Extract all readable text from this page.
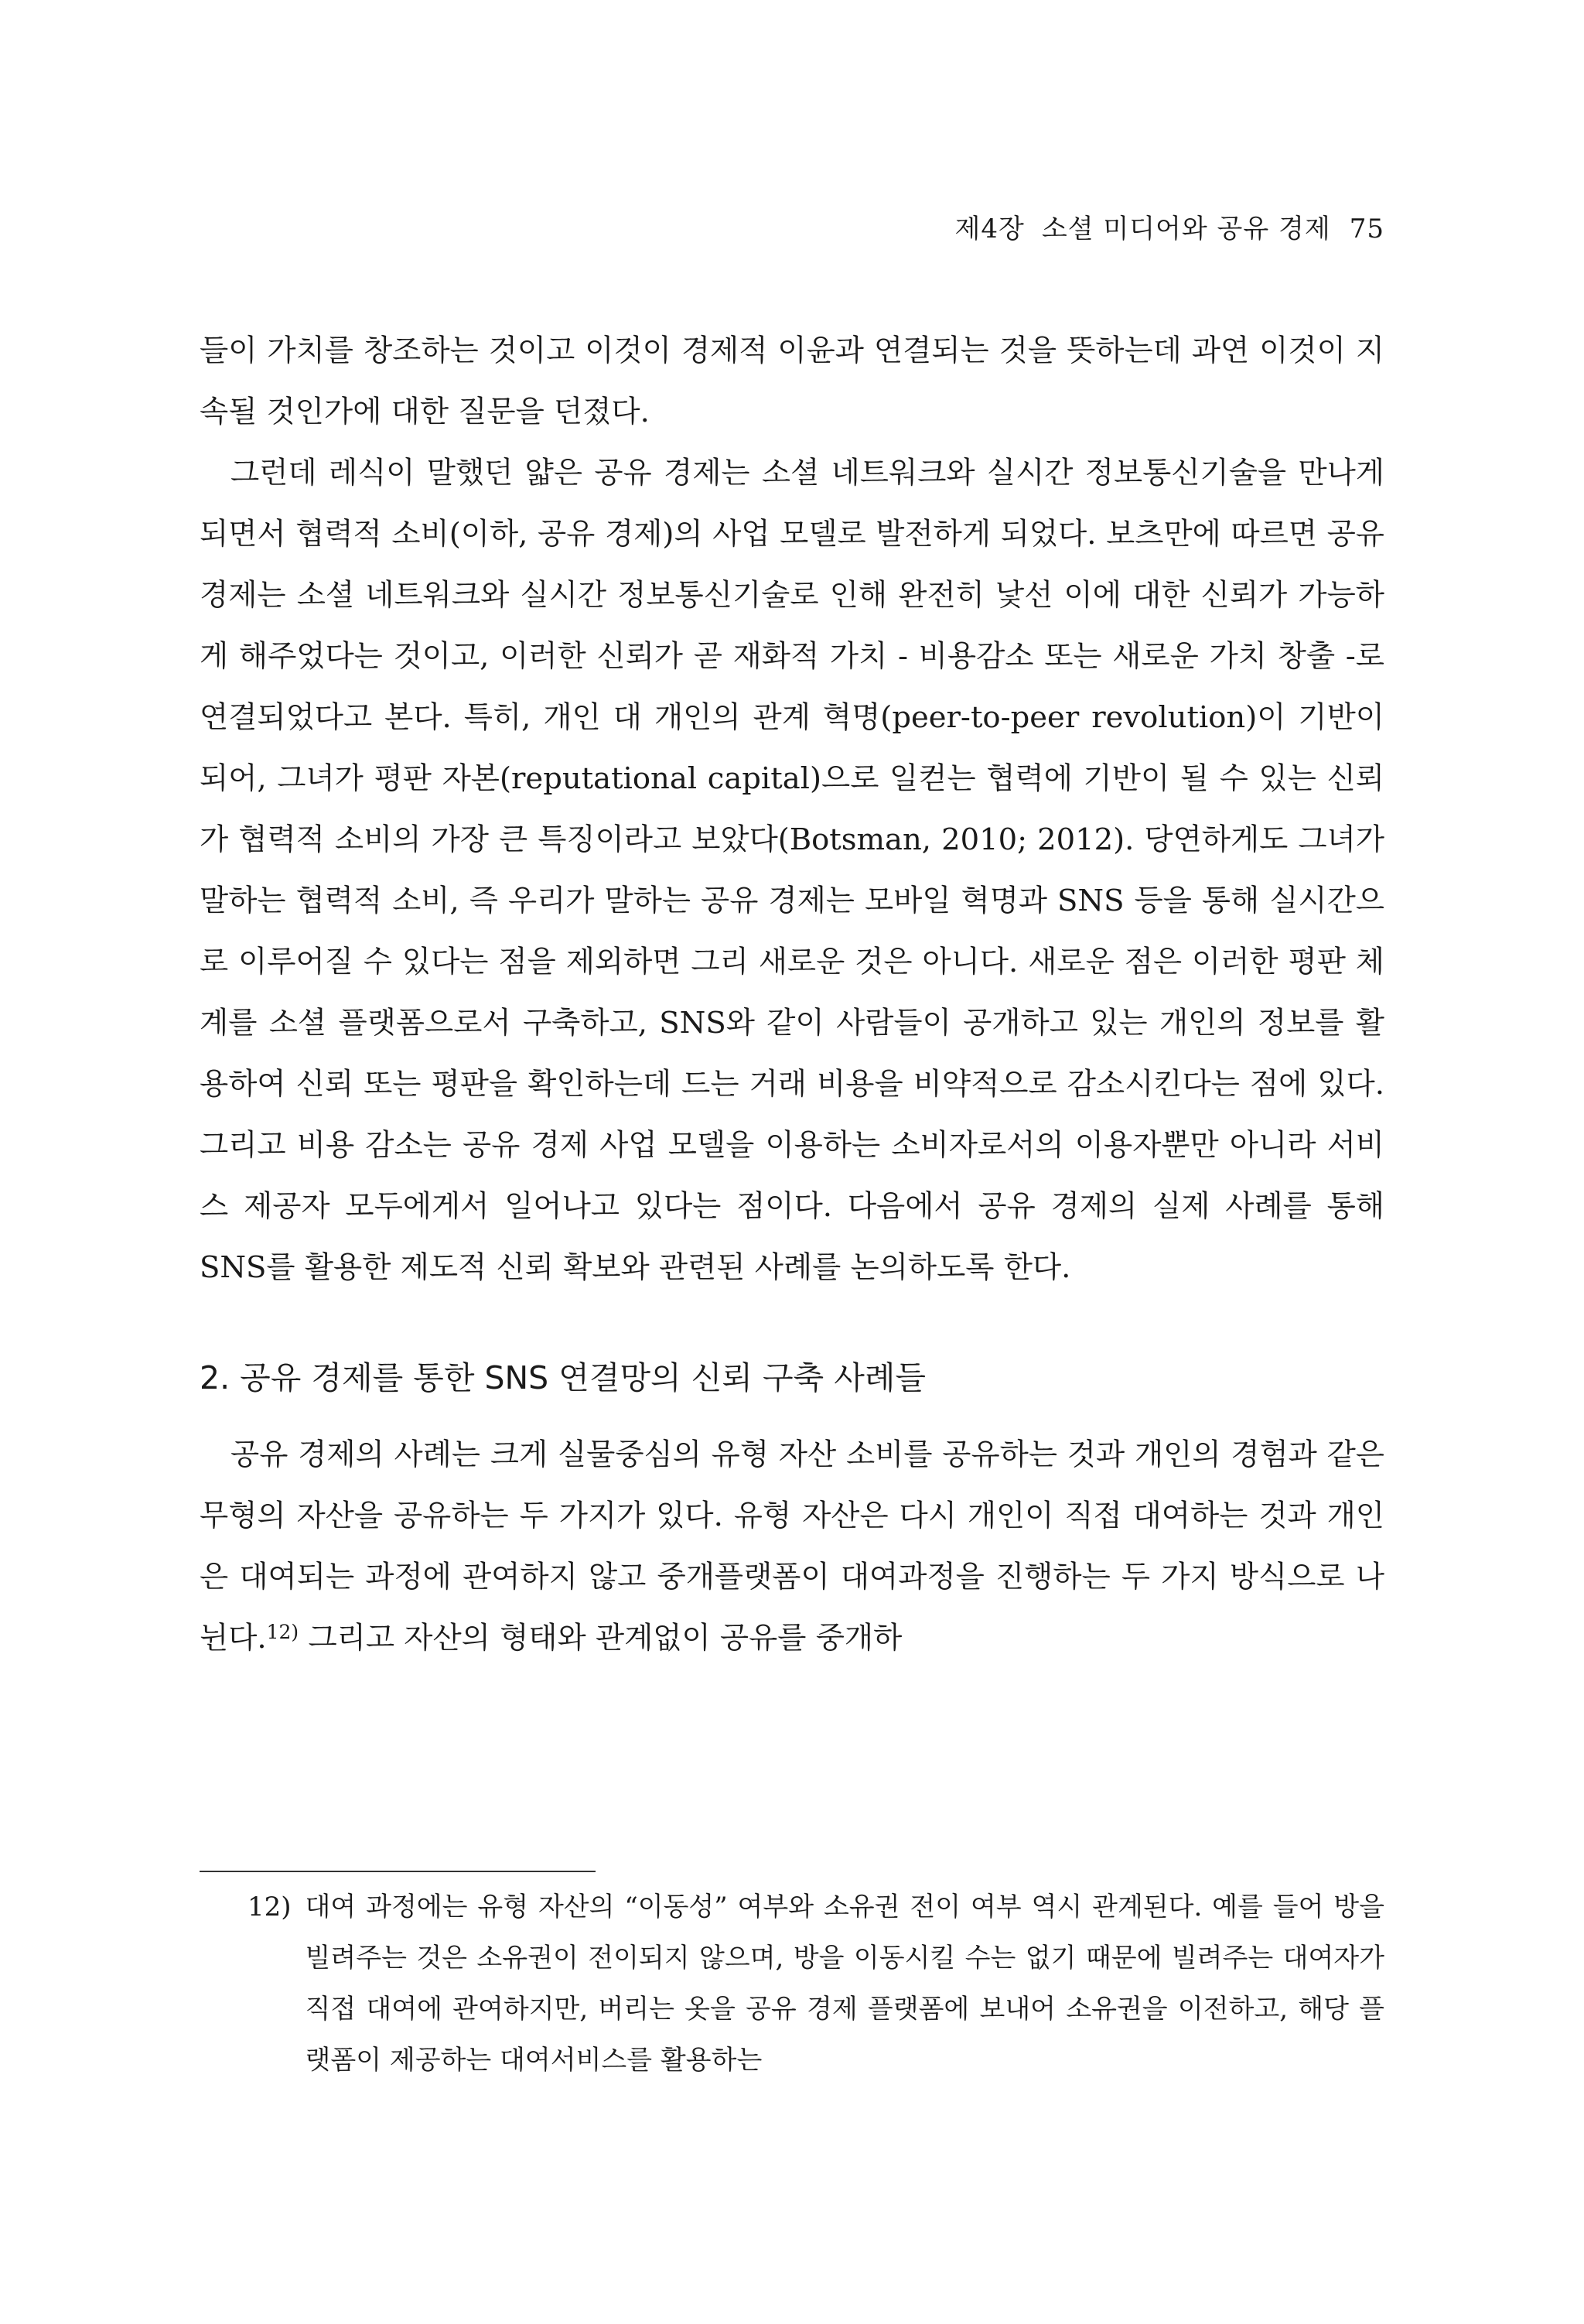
제4장 소셜 미디어와 공유 경제 75

들이 가치를 창조하는 것이고 이것이 경제적 이윤과 연결되는 것을 뜻하는데 과연 이것이 지속될 것인가에 대한 질문을 던졌다.

그런데 레식이 말했던 얇은 공유 경제는 소셜 네트워크와 실시간 정보통신기술을 만나게 되면서 협력적 소비(이하, 공유 경제)의 사업 모델로 발전하게 되었다. 보츠만에 따르면 공유 경제는 소셜 네트워크와 실시간 정보통신기술로 인해 완전히 낯선 이에 대한 신뢰가 가능하게 해주었다는 것이고, 이러한 신뢰가 곧 재화적 가치 - 비용감소 또는 새로운 가치 창출 -로 연결되었다고 본다. 특히, 개인 대 개인의 관계 혁명(peer-to-peer revolution)이 기반이 되어, 그녀가 평판 자본(reputational capital)으로 일컫는 협력에 기반이 될 수 있는 신뢰가 협력적 소비의 가장 큰 특징이라고 보았다(Botsman, 2010; 2012). 당연하게도 그녀가 말하는 협력적 소비, 즉 우리가 말하는 공유 경제는 모바일 혁명과 SNS 등을 통해 실시간으로 이루어질 수 있다는 점을 제외하면 그리 새로운 것은 아니다. 새로운 점은 이러한 평판 체계를 소셜 플랫폼으로서 구축하고, SNS와 같이 사람들이 공개하고 있는 개인의 정보를 활용하여 신뢰 또는 평판을 확인하는데 드는 거래 비용을 비약적으로 감소시킨다는 점에 있다. 그리고 비용 감소는 공유 경제 사업 모델을 이용하는 소비자로서의 이용자뿐만 아니라 서비스 제공자 모두에게서 일어나고 있다는 점이다. 다음에서 공유 경제의 실제 사례를 통해 SNS를 활용한 제도적 신뢰 확보와 관련된 사례를 논의하도록 한다.

2. 공유 경제를 통한 SNS 연결망의 신뢰 구축 사례들

공유 경제의 사례는 크게 실물중심의 유형 자산 소비를 공유하는 것과 개인의 경험과 같은 무형의 자산을 공유하는 두 가지가 있다. 유형 자산은 다시 개인이 직접 대여하는 것과 개인은 대여되는 과정에 관여하지 않고 중개플랫폼이 대여과정을 진행하는 두 가지 방식으로 나뉜다.$^{12)}$ 그리고 자산의 형태와 관계없이 공유를 중개하

12) 대여 과정에는 유형 자산의 “이동성” 여부와 소유권 전이 여부 역시 관계된다. 예를 들어 방을 빌려주는 것은 소유권이 전이되지 않으며, 방을 이동시킬 수는 없기 때문에 빌려주는 대여자가 직접 대여에 관여하지만, 버리는 옷을 공유 경제 플랫폼에 보내어 소유권을 이전하고, 해당 플랫폼이 제공하는 대여서비스를 활용하는
